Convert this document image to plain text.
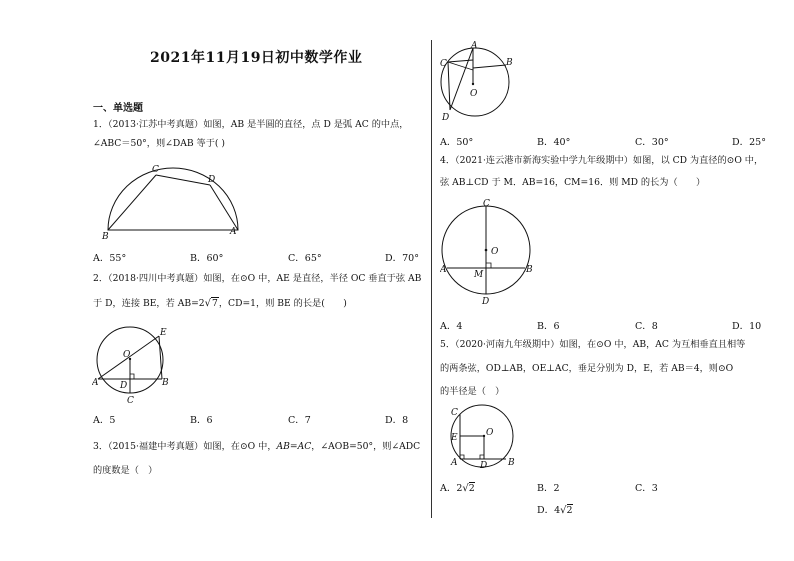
2021年11月19日初中数学作业
一、单选题
1．（2013·江苏中考真题）如图，AB 是半圆的直径，点 D 是弧 AC 的中点，
∠ABC＝50°，则∠DAB 等于( )
C
D
B	A
A．55°	B．60°	C．65°	D．70°
2．（2018·四川中考真题）如图，在⊙O 中，AE 是直径，半径 OC 垂直于弦 AB
于 D，连接 BE，若 AB=2√7，CD=1，则 BE 的长是(　　)
E
O
A D	B
C
A．5	B．6	C．7	D．8
3．（2015·福建中考真题）如图，在⊙O 中，AB=AC，∠AOB=50°，则∠ADC
的度数是（　）
A
B
C
O
D
A．50°	B．40°	C．30°	D．25°
4．（2021·连云港市新海实验中学九年级期中）如图，以 CD 为直径的⊙O 中，
弦 AB⊥CD 于 M．AB=16，CM=16．则 MD 的长为（　　）
C
O
A	M	B
D
A．4	B．6	C．8	D．10
5．（2020·河南九年级期中）如图，在⊙O 中，AB，AC 为互相垂直且相等
的两条弦，OD⊥AB，OE⊥AC，垂足分别为 D，E，若 AB＝4，则⊙O
的半径是（　）
C
E	O
A	D B
A．2√2	B．2	C．3
D．4√2
